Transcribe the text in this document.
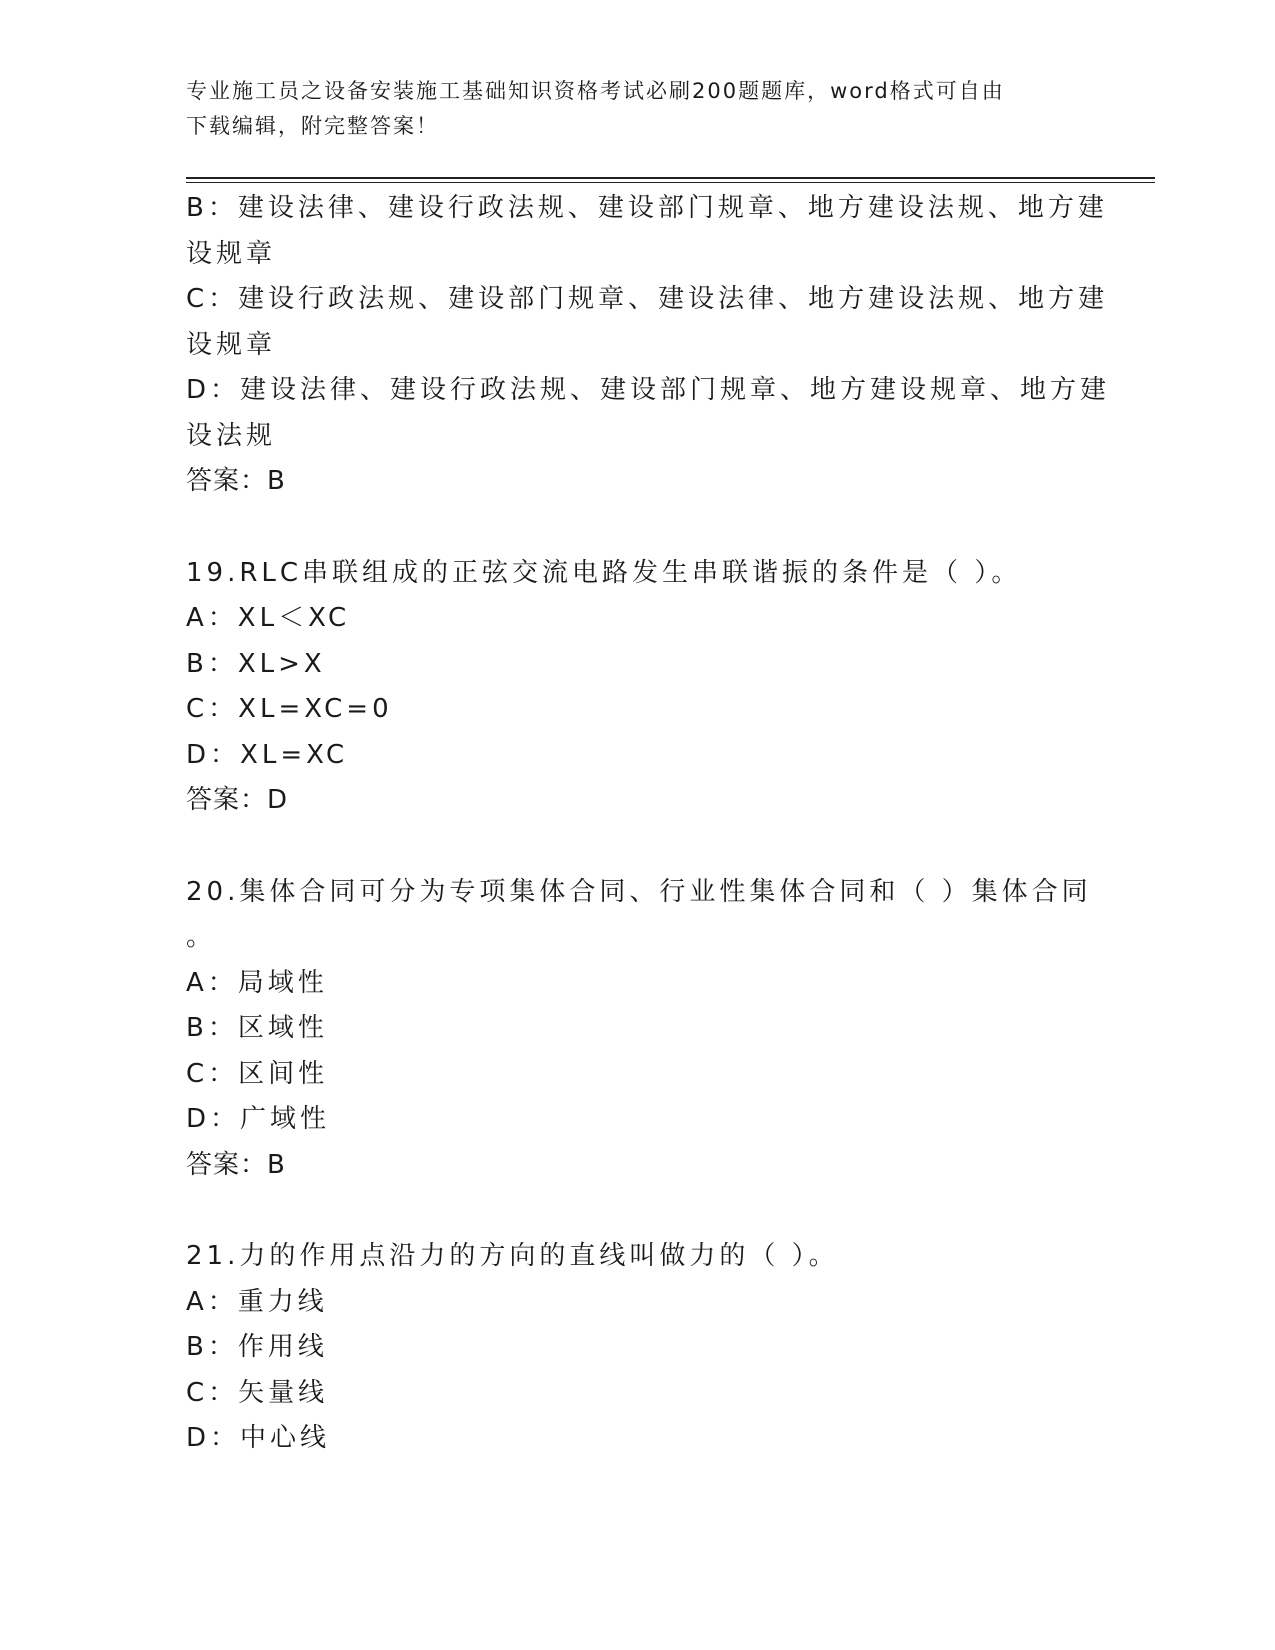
专业施工员之设备安装施工基础知识资格考试必刷200题题库，word格式可自由
下载编辑，附完整答案！
B：建设法律、建设行政法规、建设部门规章、地方建设法规、地方建
设规章
C：建设行政法规、建设部门规章、建设法律、地方建设法规、地方建
设规章
D：建设法律、建设行政法规、建设部门规章、地方建设规章、地方建
设法规
答案：B
19.RLC串联组成的正弦交流电路发生串联谐振的条件是（ ）。
A：XL＜XC
B：XL>X
C：XL=XC=0
D：XL=XC
答案：D
20.集体合同可分为专项集体合同、行业性集体合同和（ ）集体合同
。
A：局域性
B：区域性
C：区间性
D：广域性
答案：B
21.力的作用点沿力的方向的直线叫做力的（ ）。
A：重力线
B：作用线
C：矢量线
D：中心线
